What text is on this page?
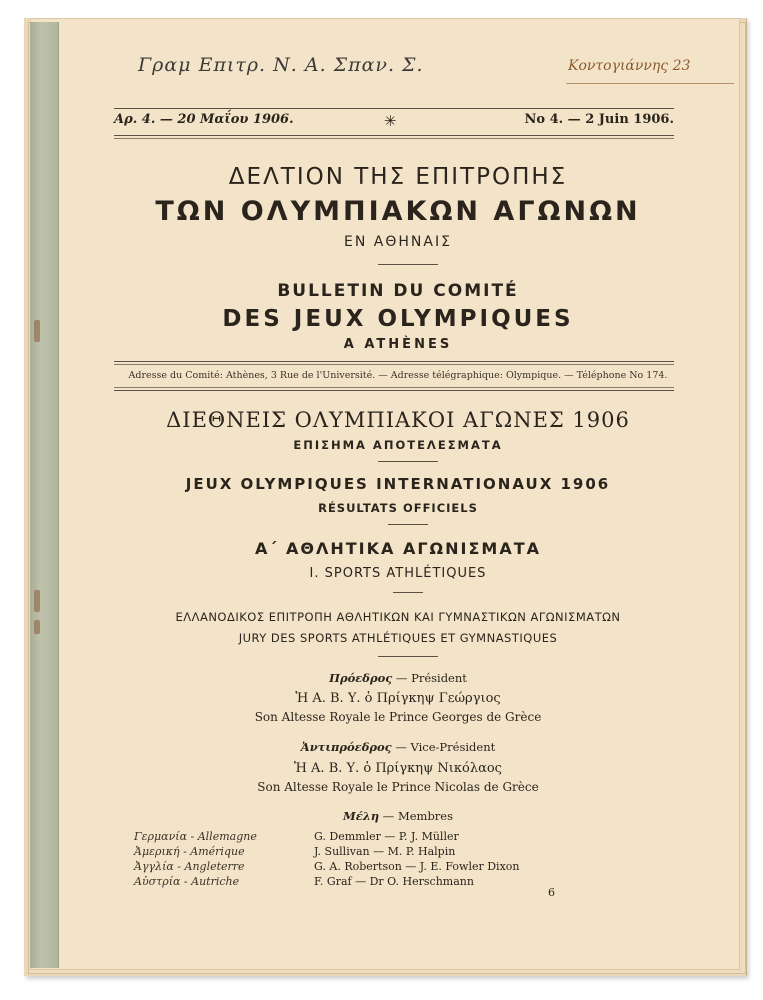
Γραμ Επιτρ. Ν. Α. Σπαν. Σ.	Κοντογιάννης 23
Αρ. 4. — 20 Μαΐου 1906.	✳	No 4. — 2 Juin 1906.
ΔΕΛΤΙΟΝ ΤΗΣ ΕΠΙΤΡΟΠΗΣ
ΤΩΝ ΟΛΥΜΠΙΑΚΩΝ ΑΓΩΝΩΝ
ΕΝ ΑΘΗΝΑΙΣ
BULLETIN DU COMITÉ
DES JEUX OLYMPIQUES
A ATHÈNES
Adresse du Comité: Athènes, 3 Rue de l'Université. — Adresse télégraphique: Olympique. — Téléphone No 174.
ΔΙΕΘΝΕΙΣ ΟΛΥΜΠΙΑΚΟΙ ΑΓΩΝΕΣ 1906
ΕΠΙΣΗΜΑ ΑΠΟΤΕΛΕΣΜΑΤΑ
JEUX OLYMPIQUES INTERNATIONAUX 1906
RÉSULTATS OFFICIELS
Α΄ ΑΘΛΗΤΙΚΑ ΑΓΩΝΙΣΜΑΤΑ
I. SPORTS ATHLÉTIQUES
ΕΛΛΑΝΟΔΙΚΟΣ ΕΠΙΤΡΟΠΗ ΑΘΛΗΤΙΚΩΝ ΚΑΙ ΓΥΜΝΑΣΤΙΚΩΝ ΑΓΩΝΙΣΜΑΤΩΝ
JURY DES SPORTS ATHLÉTIQUES ET GYMNASTIQUES
Πρόεδρος — Président
Ἡ Α. Β. Υ. ὁ Πρίγκηψ Γεώργιος
Son Altesse Royale le Prince Georges de Grèce
Ἀντιπρόεδρος — Vice-Président
Ἡ Α. Β. Υ. ὁ Πρίγκηψ Νικόλαος
Son Altesse Royale le Prince Nicolas de Grèce
Μέλη — Membres
Γερμανία - Allemagne	G. Demmler — P. J. Müller
Ἀμερική - Amérique	J. Sullivan — M. P. Halpin
Ἀγγλία - Angleterre	G. A. Robertson — J. E. Fowler Dixon
Αὐστρία - Autriche	F. Graf — Dr O. Herschmann
6
